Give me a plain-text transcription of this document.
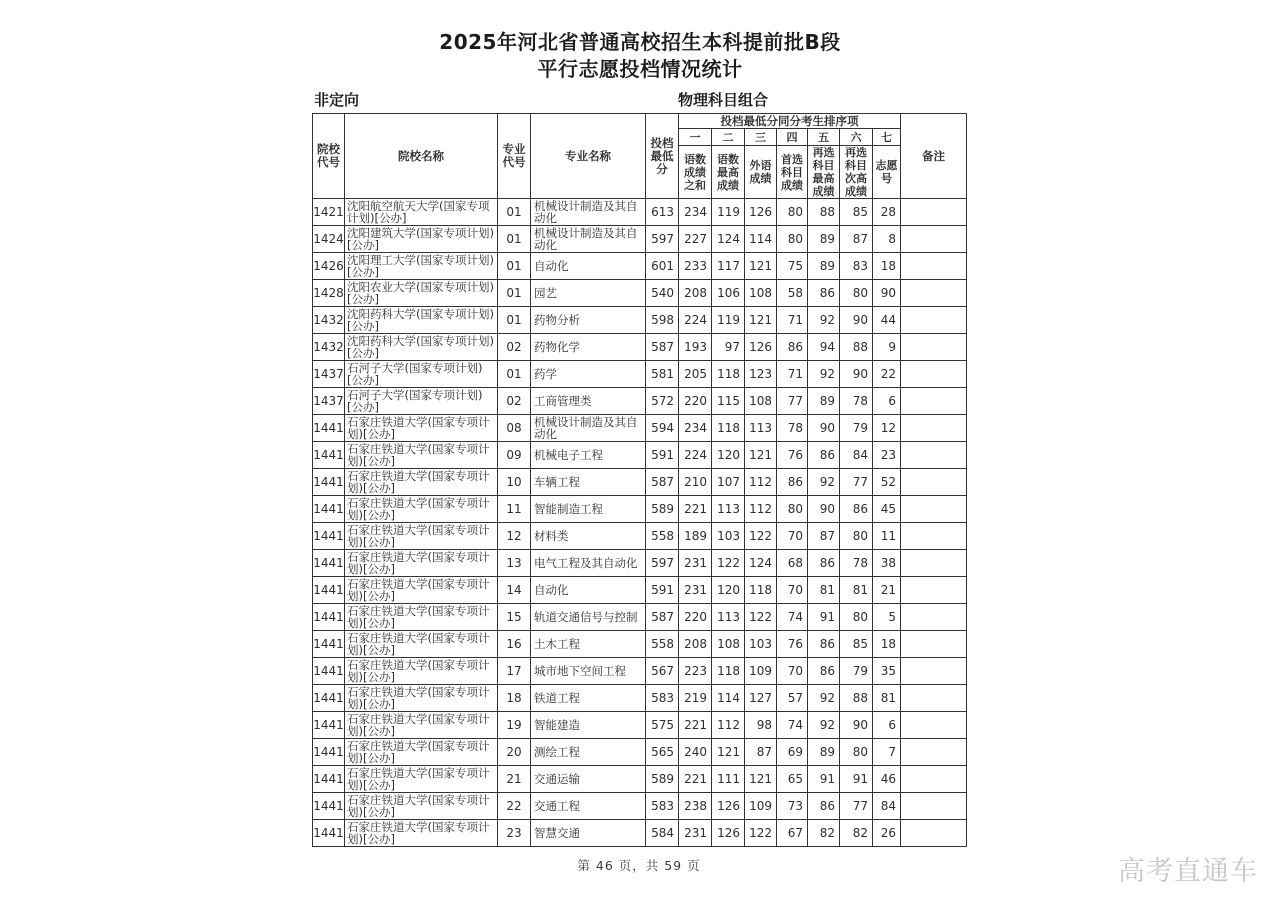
2025年河北省普通高校招生本科提前批B段
平行志愿投档情况统计
非定向	物理科目组合
院校代号	院校名称	专业代号	专业名称	投档最低分	投档最低分同分考生排序项							备注
					一	二	三	四	五	六	七	
					语数成绩之和	语数最高成绩	外语成绩	首选科目成绩	再选科目最高成绩	再选科目次高成绩	志愿号	
1421	沈阳航空航天大学(国家专项计划)[公办]	01	机械设计制造及其自动化	613	234	119	126	80	88	85	28	
1424	沈阳建筑大学(国家专项计划)[公办]	01	机械设计制造及其自动化	597	227	124	114	80	89	87	8	
1426	沈阳理工大学(国家专项计划)[公办]	01	自动化	601	233	117	121	75	89	83	18	
1428	沈阳农业大学(国家专项计划)[公办]	01	园艺	540	208	106	108	58	86	80	90	
1432	沈阳药科大学(国家专项计划)[公办]	01	药物分析	598	224	119	121	71	92	90	44	
1432	沈阳药科大学(国家专项计划)[公办]	02	药物化学	587	193	97	126	86	94	88	9	
1437	石河子大学(国家专项计划)[公办]	01	药学	581	205	118	123	71	92	90	22	
1437	石河子大学(国家专项计划)[公办]	02	工商管理类	572	220	115	108	77	89	78	6	
1441	石家庄铁道大学(国家专项计划)[公办]	08	机械设计制造及其自动化	594	234	118	113	78	90	79	12	
1441	石家庄铁道大学(国家专项计划)[公办]	09	机械电子工程	591	224	120	121	76	86	84	23	
1441	石家庄铁道大学(国家专项计划)[公办]	10	车辆工程	587	210	107	112	86	92	77	52	
1441	石家庄铁道大学(国家专项计划)[公办]	11	智能制造工程	589	221	113	112	80	90	86	45	
1441	石家庄铁道大学(国家专项计划)[公办]	12	材料类	558	189	103	122	70	87	80	11	
1441	石家庄铁道大学(国家专项计划)[公办]	13	电气工程及其自动化	597	231	122	124	68	86	78	38	
1441	石家庄铁道大学(国家专项计划)[公办]	14	自动化	591	231	120	118	70	81	81	21	
1441	石家庄铁道大学(国家专项计划)[公办]	15	轨道交通信号与控制	587	220	113	122	74	91	80	5	
1441	石家庄铁道大学(国家专项计划)[公办]	16	土木工程	558	208	108	103	76	86	85	18	
1441	石家庄铁道大学(国家专项计划)[公办]	17	城市地下空间工程	567	223	118	109	70	86	79	35	
1441	石家庄铁道大学(国家专项计划)[公办]	18	铁道工程	583	219	114	127	57	92	88	81	
1441	石家庄铁道大学(国家专项计划)[公办]	19	智能建造	575	221	112	98	74	92	90	6	
1441	石家庄铁道大学(国家专项计划)[公办]	20	测绘工程	565	240	121	87	69	89	80	7	
1441	石家庄铁道大学(国家专项计划)[公办]	21	交通运输	589	221	111	121	65	91	91	46	
1441	石家庄铁道大学(国家专项计划)[公办]	22	交通工程	583	238	126	109	73	86	77	84	
1441	石家庄铁道大学(国家专项计划)[公办]	23	智慧交通	584	231	126	122	67	82	82	26	
第 46 页，共 59 页	高考直通车
